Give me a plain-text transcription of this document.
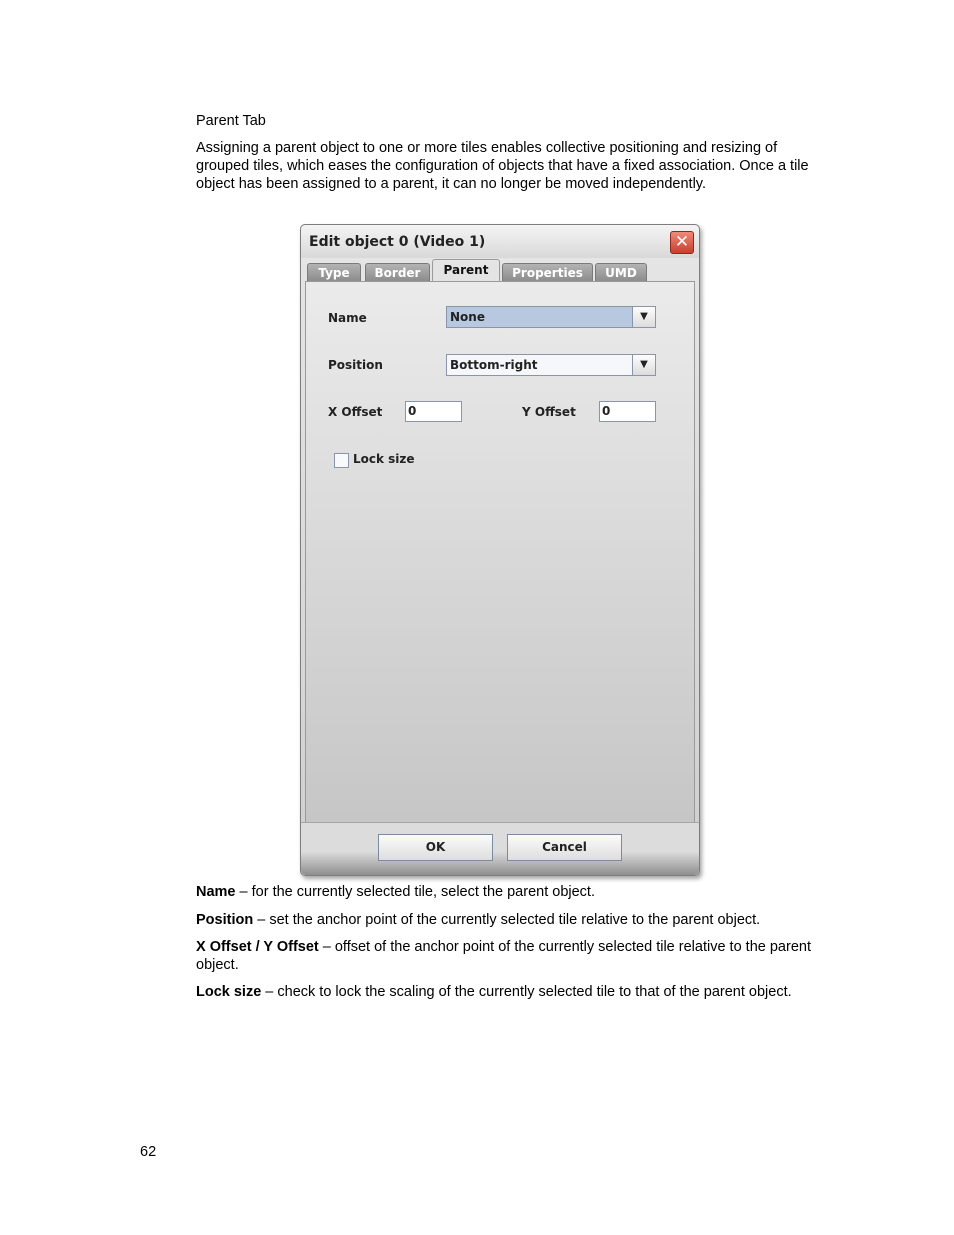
Parent Tab

Assigning a parent object to one or more tiles enables collective positioning and resizing of grouped tiles, which eases the configuration of objects that have a fixed association. Once a tile object has been assigned to a parent, it can no longer be moved independently.

Edit object 0 (Video 1)	✕
Type	Border	Parent	Properties	UMD
Name	None	▼
Position	Bottom-right	▼
X Offset 0	Y Offset 0
Lock size
OK	Cancel

Name – for the currently selected tile, select the parent object.

Position – set the anchor point of the currently selected tile relative to the parent object.

X Offset / Y Offset – offset of the anchor point of the currently selected tile relative to the parent object.

Lock size – check to lock the scaling of the currently selected tile to that of the parent object.

62
